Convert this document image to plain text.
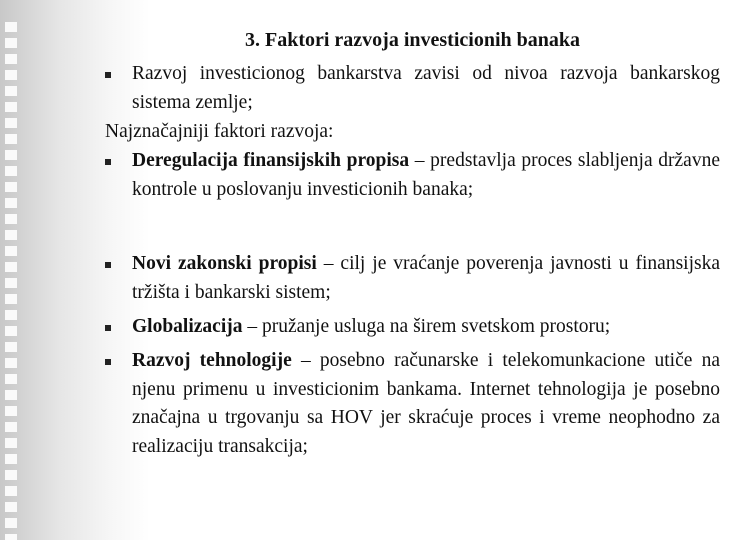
3. Faktori razvoja investicionih banaka
Razvoj investicionog bankarstva zavisi od nivoa razvoja bankarskog sistema zemlje;
Najznačajniji faktori razvoja:
Deregulacija finansijskih propisa – predstavlja proces slabljenja državne kontrole u poslovanju investicionih banaka;
Novi zakonski propisi – cilj je vraćanje poverenja javnosti u finansijska tržišta i bankarski sistem;
Globalizacija – pružanje usluga na širem svetskom prostoru;
Razvoj tehnologije – posebno računarske i telekomunkacione utiče na njenu primenu u investicionim bankama. Internet tehnologija je posebno značajna u trgovanju sa HOV jer skraćuje proces i vreme neophodno za realizaciju transakcija;
